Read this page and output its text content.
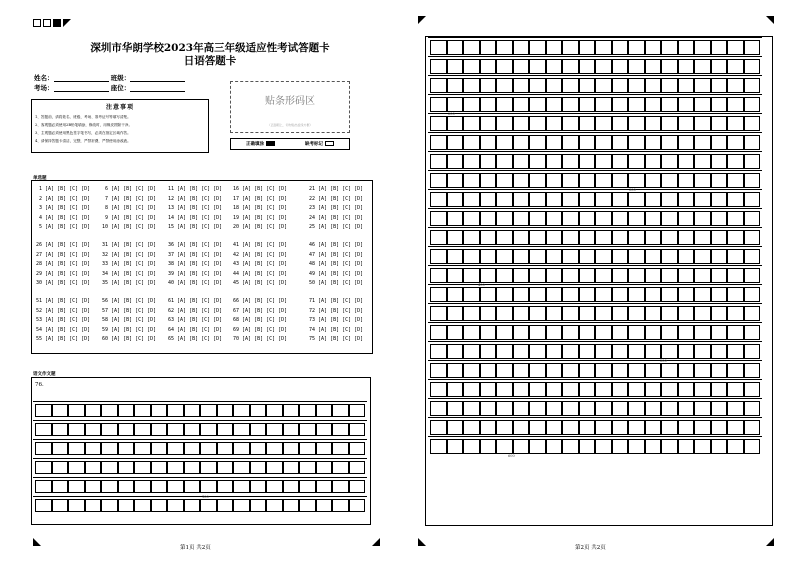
深圳市华朗学校2023年高三年级适应性考试答题卡
日语答题卡
姓名：	班级：
考场：	座位：
注意事项
1、答题前，请将姓名、班级、考场、准考证号等填写清楚。
2、客观题必须使用2B铅笔填涂，修改时，用橡皮擦除干净。
3、主观题必须使用黑色签字笔书写，必须在指定区域作答。
4、请保持答题卡清洁，完整，严禁折叠，严禁使用涂改液。
贴条形码区
（正面朝上，切勿贴出虚线方框）
正确填涂	缺考标记
单选题
1 [A] [B] [C] [D]
2 [A] [B] [C] [D]
3 [A] [B] [C] [D]
4 [A] [B] [C] [D]
5 [A] [B] [C] [D]
6 [A] [B] [C] [D]
7 [A] [B] [C] [D]
8 [A] [B] [C] [D]
9 [A] [B] [C] [D]
10 [A] [B] [C] [D]
11 [A] [B] [C] [D]
12 [A] [B] [C] [D]
13 [A] [B] [C] [D]
14 [A] [B] [C] [D]
15 [A] [B] [C] [D]
16 [A] [B] [C] [D]
17 [A] [B] [C] [D]
18 [A] [B] [C] [D]
19 [A] [B] [C] [D]
20 [A] [B] [C] [D]
21 [A] [B] [C] [D]
22 [A] [B] [C] [D]
23 [A] [B] [C] [D]
24 [A] [B] [C] [D]
25 [A] [B] [C] [D]
26 [A] [B] [C] [D]
27 [A] [B] [C] [D]
28 [A] [B] [C] [D]
29 [A] [B] [C] [D]
30 [A] [B] [C] [D]
31 [A] [B] [C] [D]
32 [A] [B] [C] [D]
33 [A] [B] [C] [D]
34 [A] [B] [C] [D]
35 [A] [B] [C] [D]
36 [A] [B] [C] [D]
37 [A] [B] [C] [D]
38 [A] [B] [C] [D]
39 [A] [B] [C] [D]
40 [A] [B] [C] [D]
41 [A] [B] [C] [D]
42 [A] [B] [C] [D]
43 [A] [B] [C] [D]
44 [A] [B] [C] [D]
45 [A] [B] [C] [D]
46 [A] [B] [C] [D]
47 [A] [B] [C] [D]
48 [A] [B] [C] [D]
49 [A] [B] [C] [D]
50 [A] [B] [C] [D]
51 [A] [B] [C] [D]
52 [A] [B] [C] [D]
53 [A] [B] [C] [D]
54 [A] [B] [C] [D]
55 [A] [B] [C] [D]
56 [A] [B] [C] [D]
57 [A] [B] [C] [D]
58 [A] [B] [C] [D]
59 [A] [B] [C] [D]
60 [A] [B] [C] [D]
61 [A] [B] [C] [D]
62 [A] [B] [C] [D]
63 [A] [B] [C] [D]
64 [A] [B] [C] [D]
65 [A] [B] [C] [D]
66 [A] [B] [C] [D]
67 [A] [B] [C] [D]
68 [A] [B] [C] [D]
69 [A] [B] [C] [D]
70 [A] [B] [C] [D]
71 [A] [B] [C] [D]
72 [A] [B] [C] [D]
73 [A] [B] [C] [D]
74 [A] [B] [C] [D]
75 [A] [B] [C] [D]
语文作文题
76.
100
200
300
400
500
600
第1页 共2页	第2页 共2页
